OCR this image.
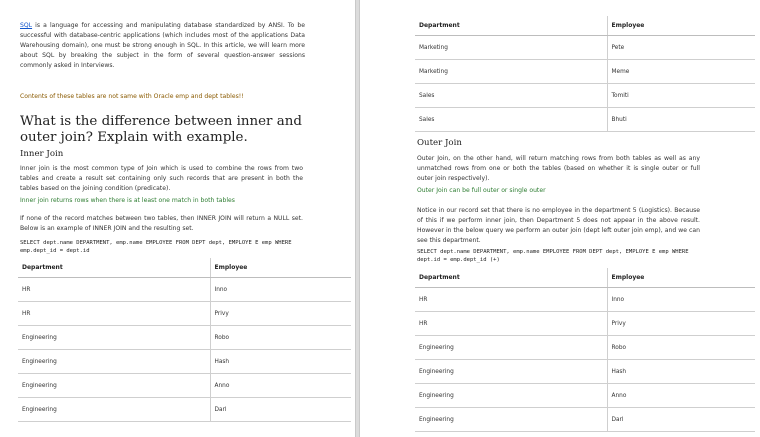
SQL is a language for accessing and manipulating database standardized by ANSI. To be successful with database-centric applications (which includes most of the applications Data Warehousing domain), one must be strong enough in SQL. In this article, we will learn more about SQL by breaking the subject in the form of several question-answer sessions commonly asked in Interviews.

Contents of these tables are not same with Oracle emp and dept tables!!

What is the difference between inner and outer join? Explain with example.
Inner Join

Inner join is the most common type of Join which is used to combine the rows from two tables and create a result set containing only such records that are present in both the tables based on the joining condition (predicate).

Inner join returns rows when there is at least one match in both tables

If none of the record matches between two tables, then INNER JOIN will return a NULL set. Below is an example of INNER JOIN and the resulting set.

SELECT dept.name DEPARTMENT, emp.name EMPLOYEE FROM DEPT dept, EMPLOYE E emp WHERE emp.dept_id = dept.id

Department	Employee
HR	Inno
HR	Privy
Engineering	Robo
Engineering	Hash
Engineering	Anno
Engineering	Darl
Department	Employee
Marketing	Pete
Marketing	Meme
Sales	Tomiti
Sales	Bhuti
Outer Join

Outer Join, on the other hand, will return matching rows from both tables as well as any unmatched rows from one or both the tables (based on whether it is single outer or full outer join respectively).

Outer Join can be full outer or single outer

Notice in our record set that there is no employee in the department 5 (Logistics). Because of this if we perform inner join, then Department 5 does not appear in the above result. However in the below query we perform an outer join (dept left outer join emp), and we can see this department.

SELECT dept.name DEPARTMENT, emp.name EMPLOYEE FROM DEPT dept, EMPLOYE E emp WHERE dept.id = emp.dept_id (+)

Department	Employee
HR	Inno
HR	Privy
Engineering	Robo
Engineering	Hash
Engineering	Anno
Engineering	Darl
